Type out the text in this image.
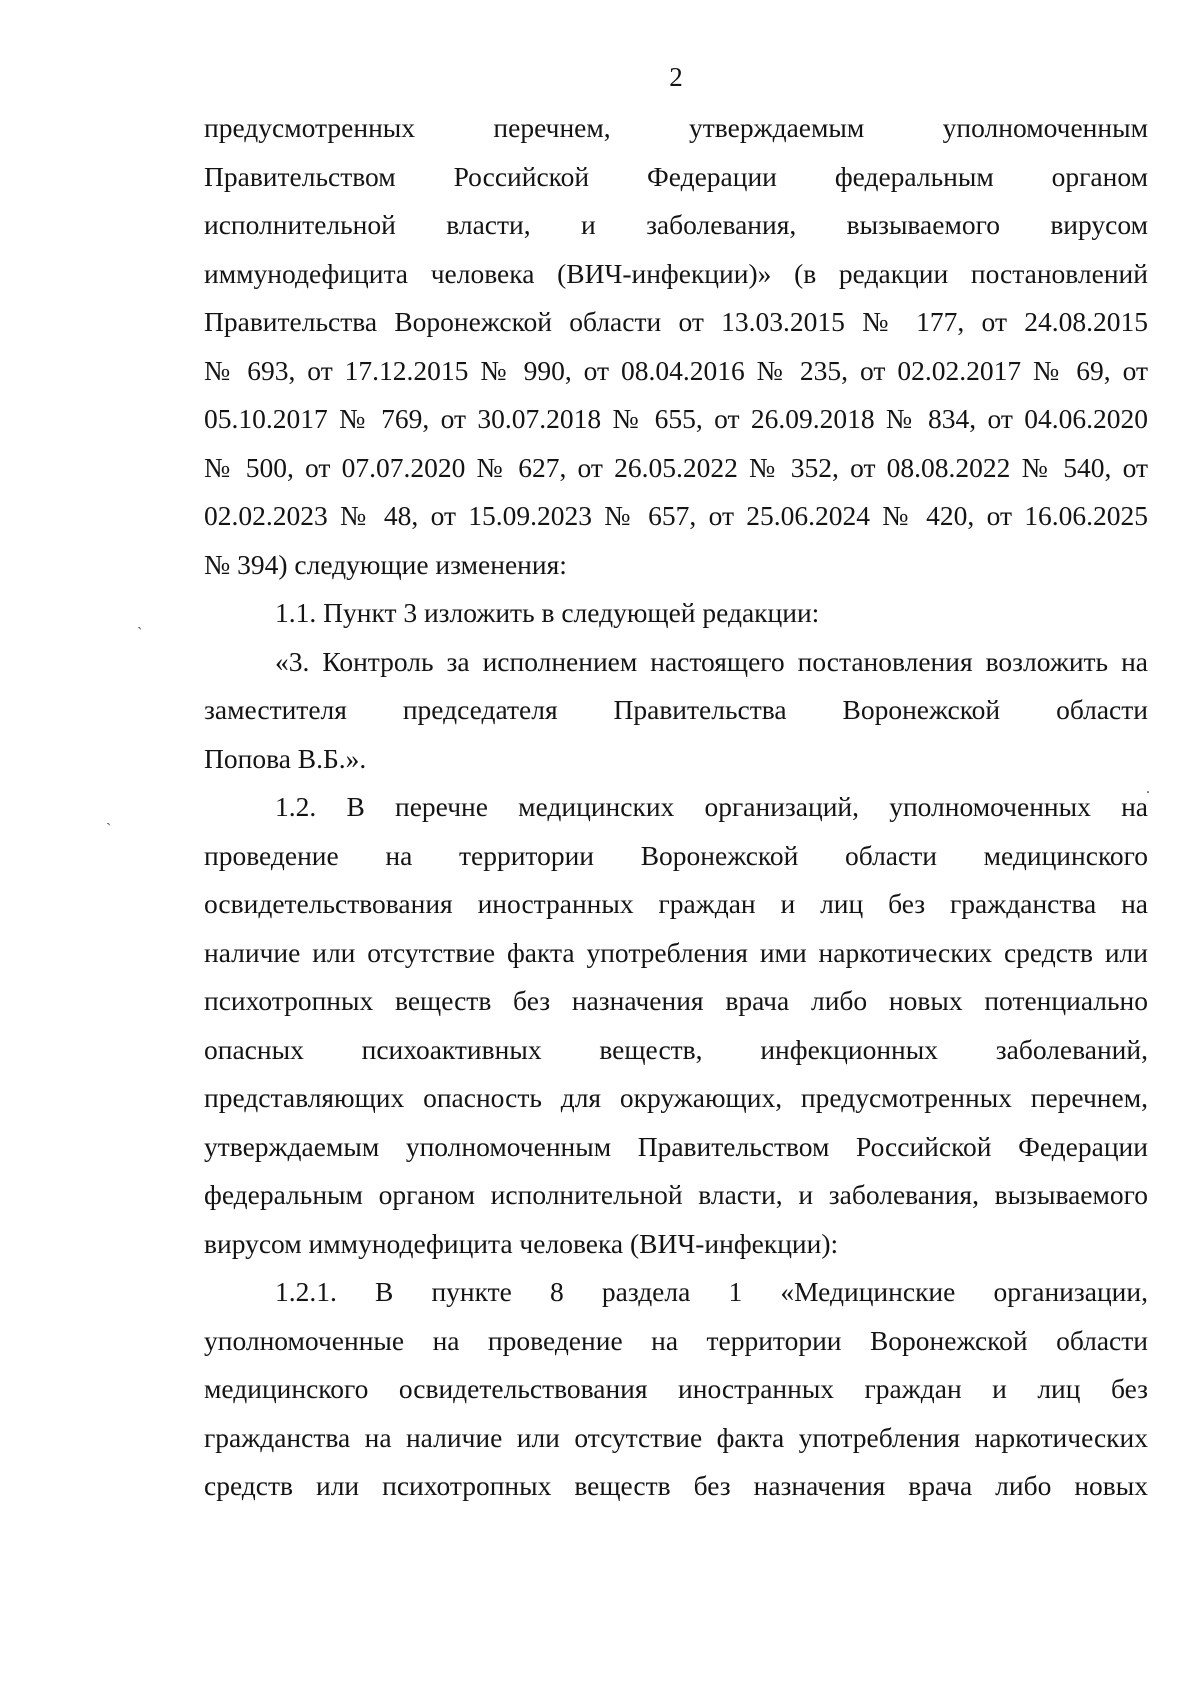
2
предусмотренных перечнем, утверждаемым уполномоченным
Правительством Российской Федерации федеральным органом
исполнительной власти, и заболевания, вызываемого вирусом
иммунодефицита человека (ВИЧ-инфекции)» (в редакции постановлений
Правительства Воронежской области от 13.03.2015 № 177, от 24.08.2015
№ 693, от 17.12.2015 № 990, от 08.04.2016 № 235, от 02.02.2017 № 69, от
05.10.2017 № 769, от 30.07.2018 № 655, от 26.09.2018 № 834, от 04.06.2020
№ 500, от 07.07.2020 № 627, от 26.05.2022 № 352, от 08.08.2022 № 540, от
02.02.2023 № 48, от 15.09.2023 № 657, от 25.06.2024 № 420, от 16.06.2025
№ 394) следующие изменения:
1.1. Пункт 3 изложить в следующей редакции:
«3. Контроль за исполнением настоящего постановления возложить на
заместителя председателя Правительства Воронежской области
Попова В.Б.».
1.2. В перечне медицинских организаций, уполномоченных на
проведение на территории Воронежской области медицинского
освидетельствования иностранных граждан и лиц без гражданства на
наличие или отсутствие факта употребления ими наркотических средств или
психотропных веществ без назначения врача либо новых потенциально
опасных психоактивных веществ, инфекционных заболеваний,
представляющих опасность для окружающих, предусмотренных перечнем,
утверждаемым уполномоченным Правительством Российской Федерации
федеральным органом исполнительной власти, и заболевания, вызываемого
вирусом иммунодефицита человека (ВИЧ-инфекции):
1.2.1. В пункте 8 раздела 1 «Медицинские организации,
уполномоченные на проведение на территории Воронежской области
медицинского освидетельствования иностранных граждан и лиц без
гражданства на наличие или отсутствие факта употребления наркотических
средств или психотропных веществ без назначения врача либо новых
`
`
.
